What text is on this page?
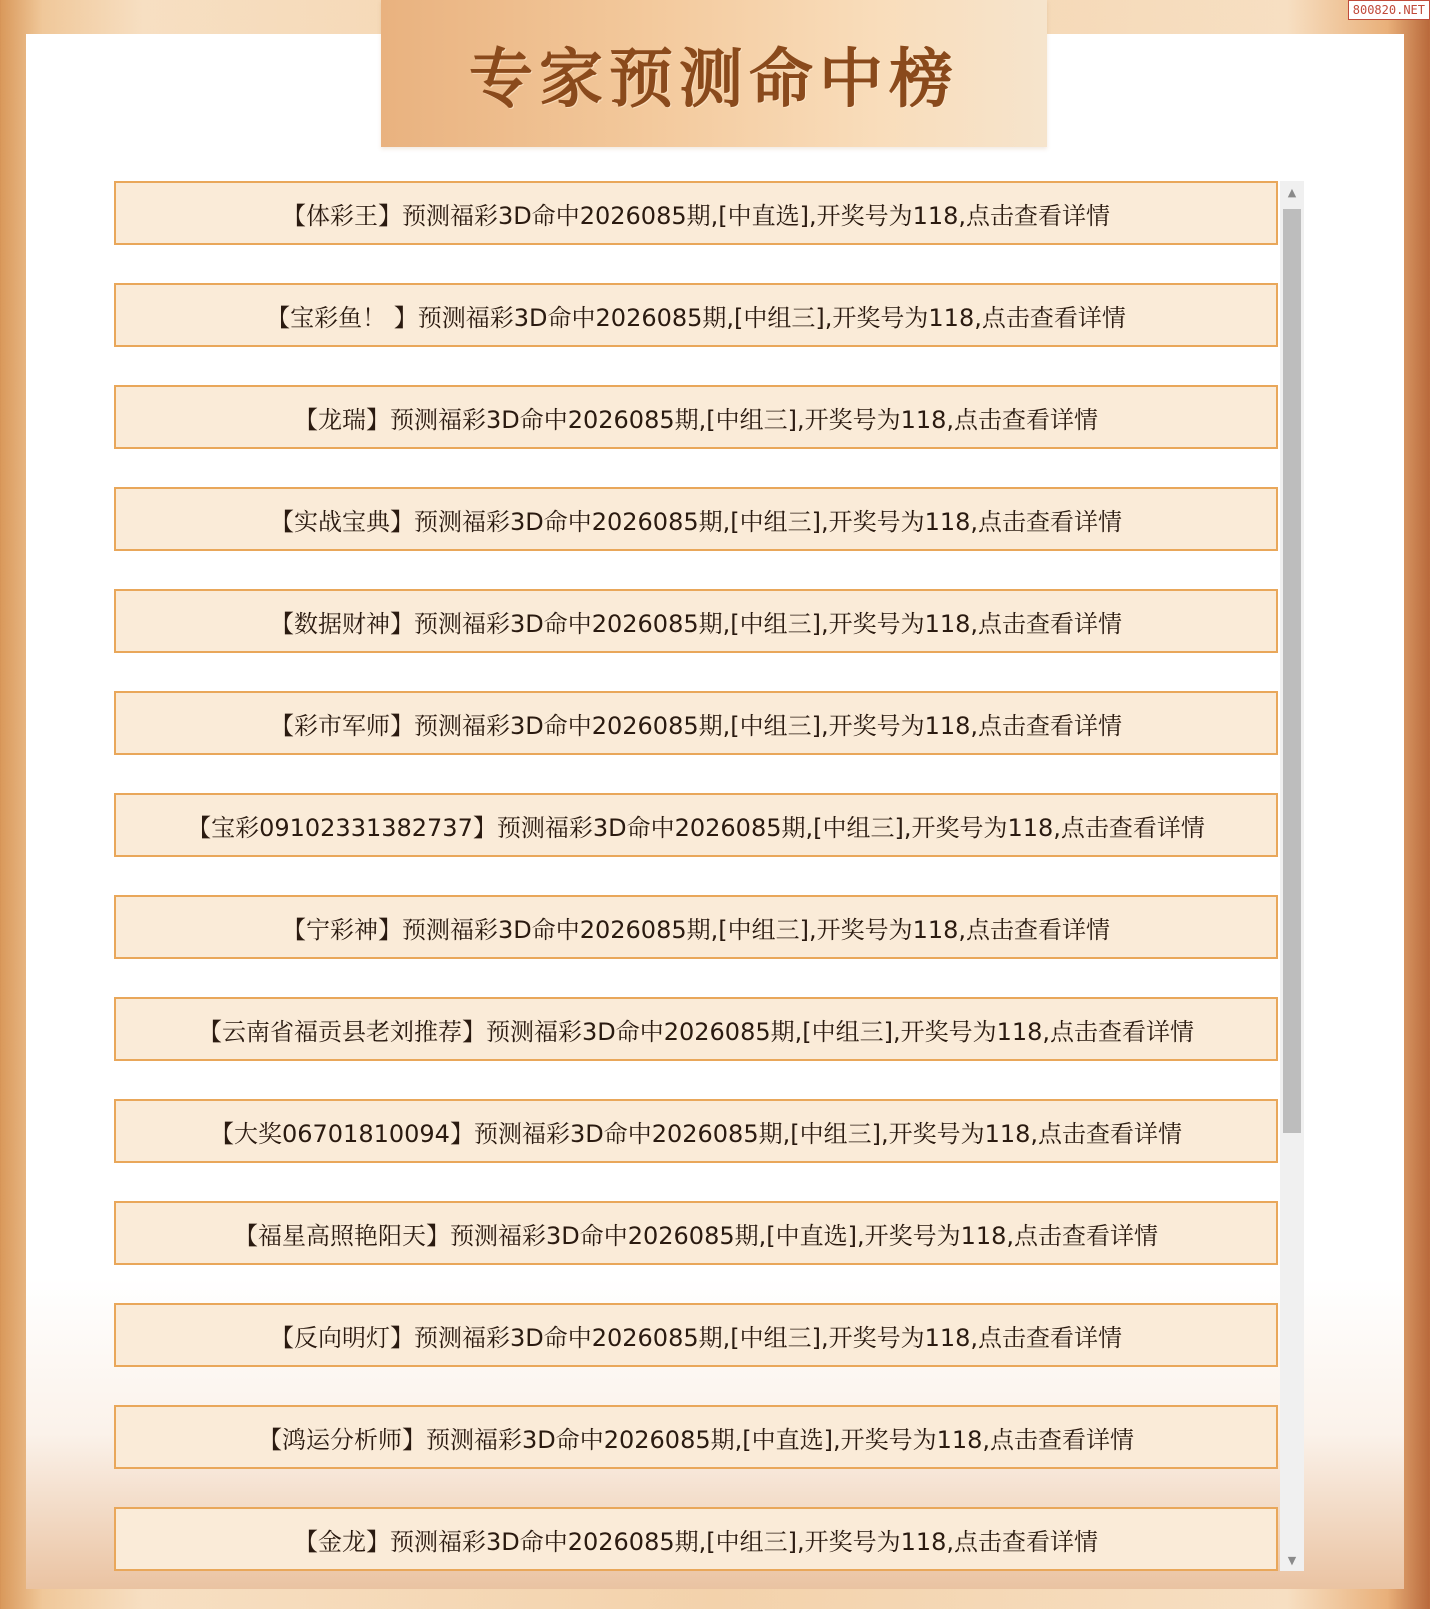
800820.NET
专家预测命中榜
【体彩王】预测福彩3D命中2026085期,[中直选],开奖号为118,点击查看详情
【宝彩鱼！ 】预测福彩3D命中2026085期,[中组三],开奖号为118,点击查看详情
【龙瑞】预测福彩3D命中2026085期,[中组三],开奖号为118,点击查看详情
【实战宝典】预测福彩3D命中2026085期,[中组三],开奖号为118,点击查看详情
【数据财神】预测福彩3D命中2026085期,[中组三],开奖号为118,点击查看详情
【彩市军师】预测福彩3D命中2026085期,[中组三],开奖号为118,点击查看详情
【宝彩09102331382737】预测福彩3D命中2026085期,[中组三],开奖号为118,点击查看详情
【宁彩神】预测福彩3D命中2026085期,[中组三],开奖号为118,点击查看详情
【云南省福贡县老刘推荐】预测福彩3D命中2026085期,[中组三],开奖号为118,点击查看详情
【大奖06701810094】预测福彩3D命中2026085期,[中组三],开奖号为118,点击查看详情
【福星高照艳阳天】预测福彩3D命中2026085期,[中直选],开奖号为118,点击查看详情
【反向明灯】预测福彩3D命中2026085期,[中组三],开奖号为118,点击查看详情
【鸿运分析师】预测福彩3D命中2026085期,[中直选],开奖号为118,点击查看详情
【金龙】预测福彩3D命中2026085期,[中组三],开奖号为118,点击查看详情
▲
▼
